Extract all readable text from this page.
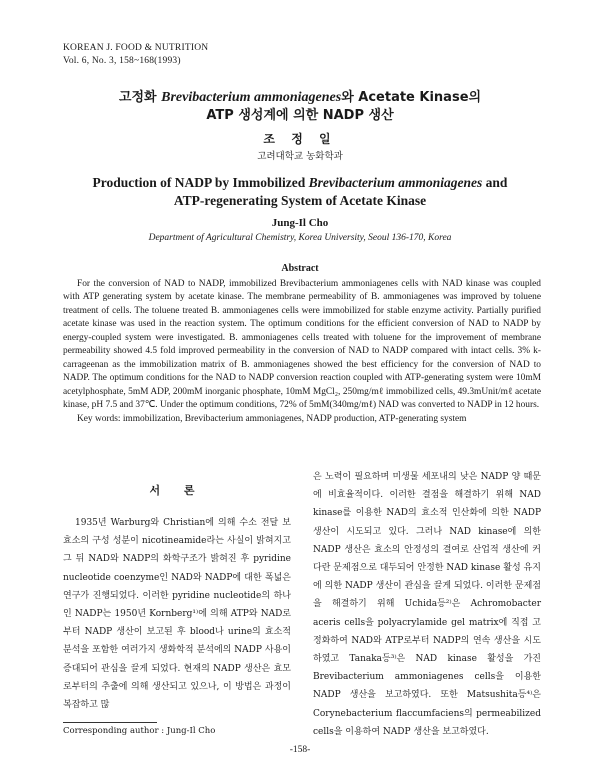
KOREAN J. FOOD & NUTRITION
Vol. 6, No. 3, 158~168(1993)
고정화 Brevibacterium ammoniagenes와 Acetate Kinase의
ATP 생성계에 의한 NADP 생산
조 정 일
고려대학교 농화학과
Production of NADP by Immobilized Brevibacterium ammoniagenes and
ATP-regenerating System of Acetate Kinase
Jung-Il Cho
Department of Agricultural Chemistry, Korea University, Seoul 136-170, Korea
Abstract

For the conversion of NAD to NADP, immobilized Brevibacterium ammoniagenes cells with NAD kinase was coupled with ATP generating system by acetate kinase. The membrane permeability of B. ammoniagenes was improved by toluene treatment of cells. The toluene treated B. ammoniagenes cells were immobilized for stable enzyme activity. Partially purified acetate kinase was used in the reaction system. The optimum conditions for the efficient conversion of NAD to NADP by energy-coupled system were investigated. B. ammoniagenes cells treated with toluene for the improvement of membrane permeability showed 4.5 fold improved permeability in the conversion of NAD to NADP compared with intact cells. 3% k-carrageenan as the immobilization matrix of B. ammoniagenes showed the best efficiency for the conversion of NAD to NADP. The optimum conditions for the NAD to NADP conversion reaction coupled with ATP-generating system were 10mM acetylphosphate, 5mM ADP, 200mM inorganic phosphate, 10mM MgCl₂, 250mg/mℓ immobilized cells, 49.3mUnit/mℓ acetate kinase, pH 7.5 and 37℃. Under the optimum conditions, 72% of 5mM(340mg/mℓ) NAD was converted to NADP in 12 hours.

Key words: immobilization, Brevibacterium ammoniagenes, NADP production, ATP-generating system

서 론

1935년 Warburg와 Christian에 의해 수소 전달 보효소의 구성 성분이 nicotineamide라는 사실이 밝혀지고 그 뒤 NAD와 NADP의 화학구조가 밝혀진 후 pyridine nucleotide coenzyme인 NAD와 NADP에 대한 폭넓은 연구가 진행되었다. 이러한 pyridine nucleotide의 하나인 NADP는 1950년 Kornberg¹⁾에 의해 ATP와 NAD로부터 NADP 생산이 보고된 후 blood나 urine의 효소적 분석을 포함한 여러가지 생화학적 분석에의 NADP 사용이 증대되어 관심을 끌게 되었다. 현재의 NADP 생산은 효모로부터의 추출에 의해 생산되고 있으나, 이 방법은 과정이 복잡하고 많

은 노력이 필요하며 미생물 세포내의 낮은 NADP 양 때문에 비효율적이다. 이러한 결점을 해결하기 위해 NAD kinase를 이용한 NAD의 효소적 인산화에 의한 NADP 생산이 시도되고 있다. 그러나 NAD kinase에 의한 NADP 생산은 효소의 안정성의 결여로 산업적 생산에 커다란 문제점으로 대두되어 안정한 NAD kinase 활성 유지에 의한 NADP 생산이 관심을 끌게 되었다. 이러한 문제점을 해결하기 위해 Uchida등²⁾은 Achromobacter aceris cells을 polyacrylamide gel matrix에 직접 고정화하여 NAD와 ATP로부터 NADP의 연속 생산을 시도하였고 Tanaka등³⁾은 NAD kinase 활성을 가진 Brevibacterium ammoniagenes cells을 이용한 NADP 생산을 보고하였다. 또한 Matsushita등⁴⁾은 Corynebacterium flaccumfaciens의 permeabilized cells을 이용하여 NADP 생산을 보고하였다.

Corresponding author : Jung-Il Cho
-158-
